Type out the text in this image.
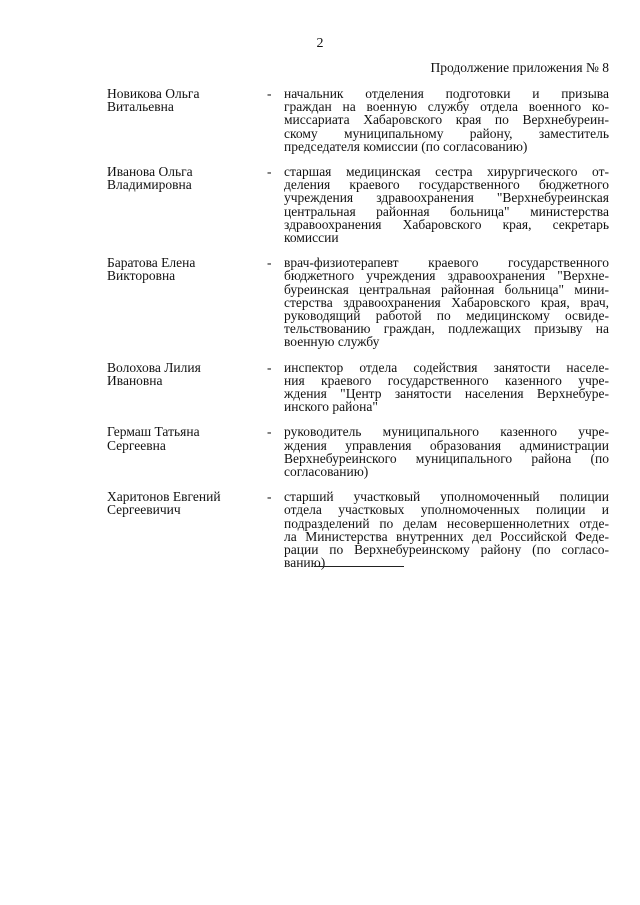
2
Продолжение приложения № 8
Новикова Ольга
Витальевна
- начальник отделения подготовки и призыва
граждан на военную службу отдела военного ко-
миссариата Хабаровского края по Верхнебуреин-
скому муниципальному району, заместитель
председателя комиссии (по согласованию)
Иванова Ольга
Владимировна
- старшая медицинская сестра хирургического от-
деления краевого государственного бюджетного
учреждения здравоохранения "Верхнебуреинская
центральная районная больница" министерства
здравоохранения Хабаровского края, секретарь
комиссии
Баратова Елена
Викторовна
- врач-физиотерапевт краевого государственного
бюджетного учреждения здравоохранения "Верхне-
буреинская центральная районная больница" мини-
стерства здравоохранения Хабаровского края, врач,
руководящий работой по медицинскому освиде-
тельствованию граждан, подлежащих призыву на
военную службу
Волохова Лилия
Ивановна
- инспектор отдела содействия занятости населе-
ния краевого государственного казенного учре-
ждения "Центр занятости населения Верхнебуре-
инского района"
Гермаш Татьяна
Сергеевна
- руководитель муниципального казенного учре-
ждения управления образования администрации
Верхнебуреинского муниципального района (по
согласованию)
Харитонов Евгений
Сергеевичич
- старший участковый уполномоченный полиции
отдела участковых уполномоченных полиции и
подразделений по делам несовершеннолетних отде-
ла Министерства внутренних дел Российской Феде-
рации по Верхнебуреинскому району (по согласо-
ванию)
